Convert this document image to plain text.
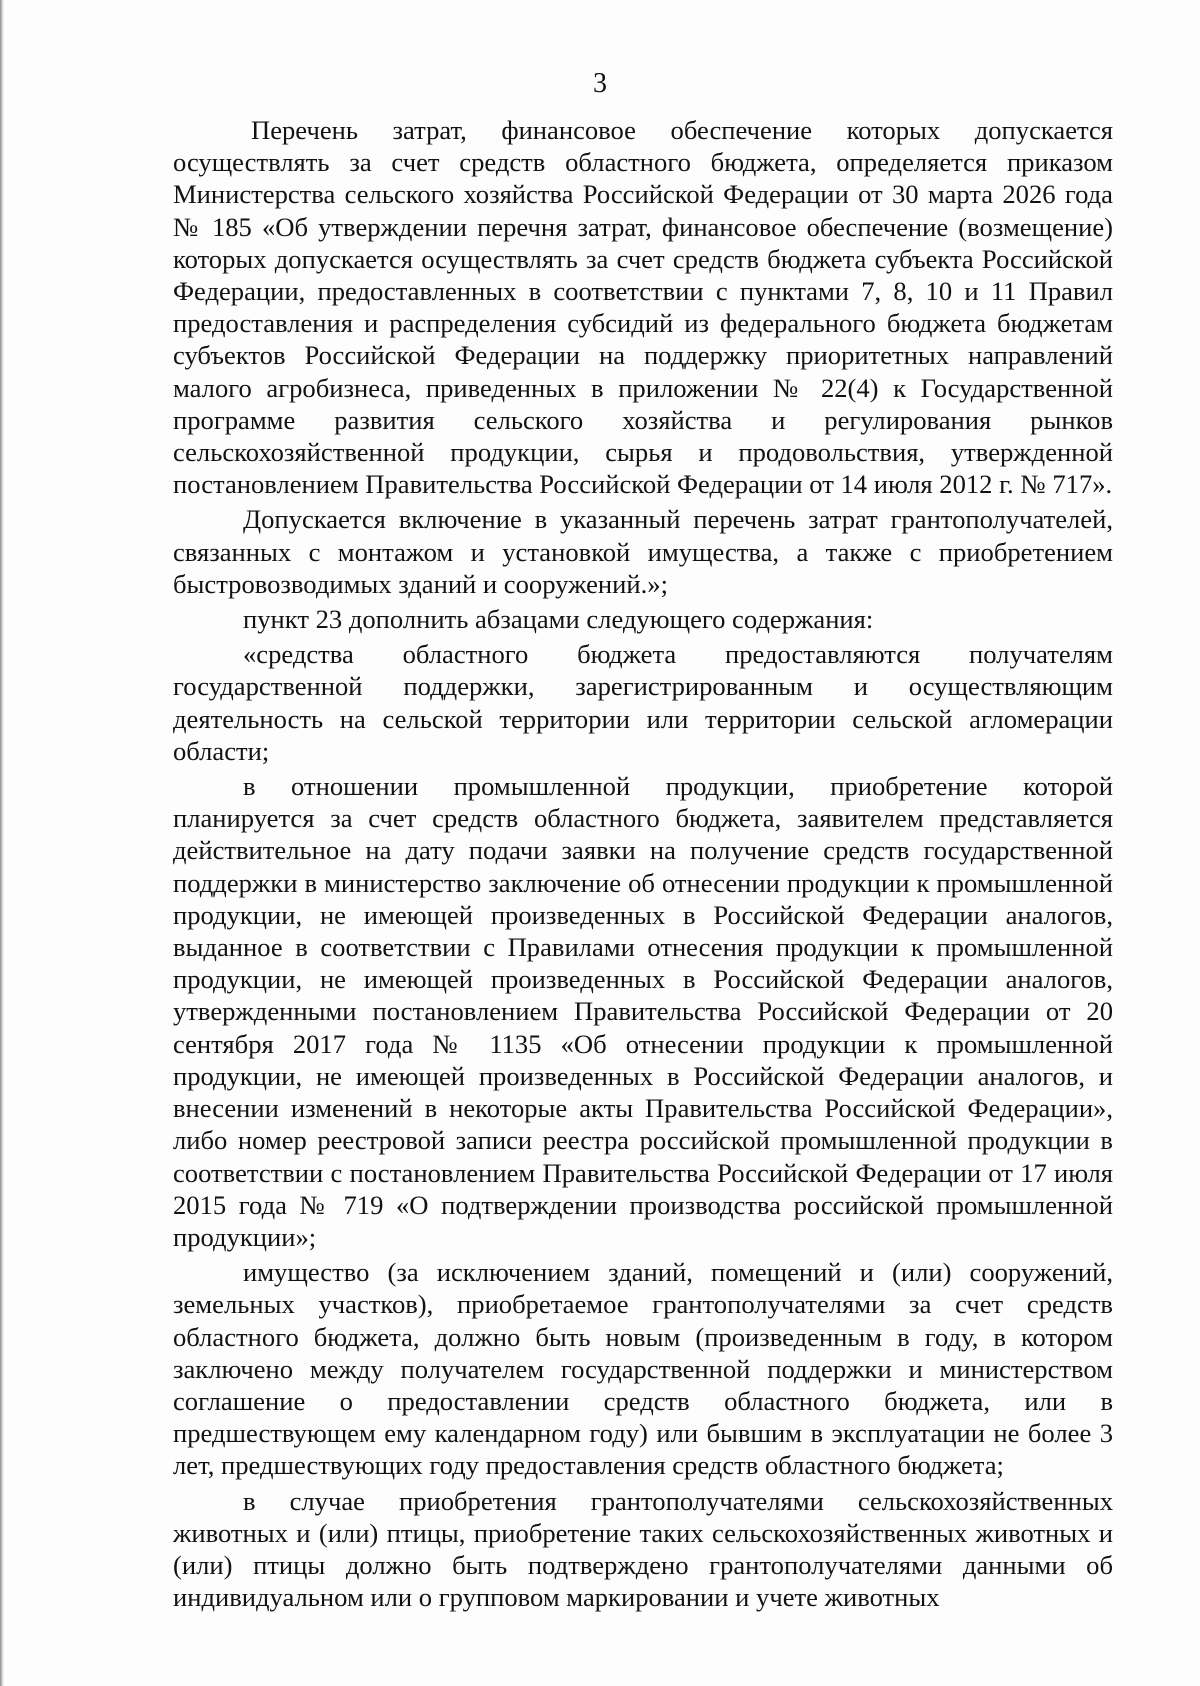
3

Перечень затрат, финансовое обеспечение которых допускается осуществлять за счет средств областного бюджета, определяется приказом Министерства сельского хозяйства Российской Федерации от 30 марта 2026 года № 185 «Об утверждении перечня затрат, финансовое обеспечение (возмещение) которых допускается осуществлять за счет средств бюджета субъекта Российской Федерации, предоставленных в соответствии с пунктами 7, 8, 10 и 11 Правил предоставления и распределения субсидий из федерального бюджета бюджетам субъектов Российской Федерации на поддержку приоритетных направлений малого агробизнеса, приведенных в приложении № 22(4) к Государственной программе развития сельского хозяйства и регулирования рынков сельскохозяйственной продукции, сырья и продовольствия, утвержденной постановлением Правительства Российской Федерации от 14 июля 2012 г. № 717».

Допускается включение в указанный перечень затрат грантополучателей, связанных с монтажом и установкой имущества, а также с приобретением быстровозводимых зданий и сооружений.»;

пункт 23 дополнить абзацами следующего содержания:

«средства областного бюджета предоставляются получателям государственной поддержки, зарегистрированным и осуществляющим деятельность на сельской территории или территории сельской агломерации области;

в отношении промышленной продукции, приобретение которой планируется за счет средств областного бюджета, заявителем представляется действительное на дату подачи заявки на получение средств государственной поддержки в министерство заключение об отнесении продукции к промышленной продукции, не имеющей произведенных в Российской Федерации аналогов, выданное в соответствии с Правилами отнесения продукции к промышленной продукции, не имеющей произведенных в Российской Федерации аналогов, утвержденными постановлением Правительства Российской Федерации от 20 сентября 2017 года № 1135 «Об отнесении продукции к промышленной продукции, не имеющей произведенных в Российской Федерации аналогов, и внесении изменений в некоторые акты Правительства Российской Федерации», либо номер реестровой записи реестра российской промышленной продукции в соответствии с постановлением Правительства Российской Федерации от 17 июля 2015 года № 719 «О подтверждении производства российской промышленной продукции»;

имущество (за исключением зданий, помещений и (или) сооружений, земельных участков), приобретаемое грантополучателями за счет средств областного бюджета, должно быть новым (произведенным в году, в котором заключено между получателем государственной поддержки и министерством соглашение о предоставлении средств областного бюджета, или в предшествующем ему календарном году) или бывшим в эксплуатации не более 3 лет, предшествующих году предоставления средств областного бюджета;

в случае приобретения грантополучателями сельскохозяйственных животных и (или) птицы, приобретение таких сельскохозяйственных животных и (или) птицы должно быть подтверждено грантополучателями данными об индивидуальном или о групповом маркировании и учете животных
